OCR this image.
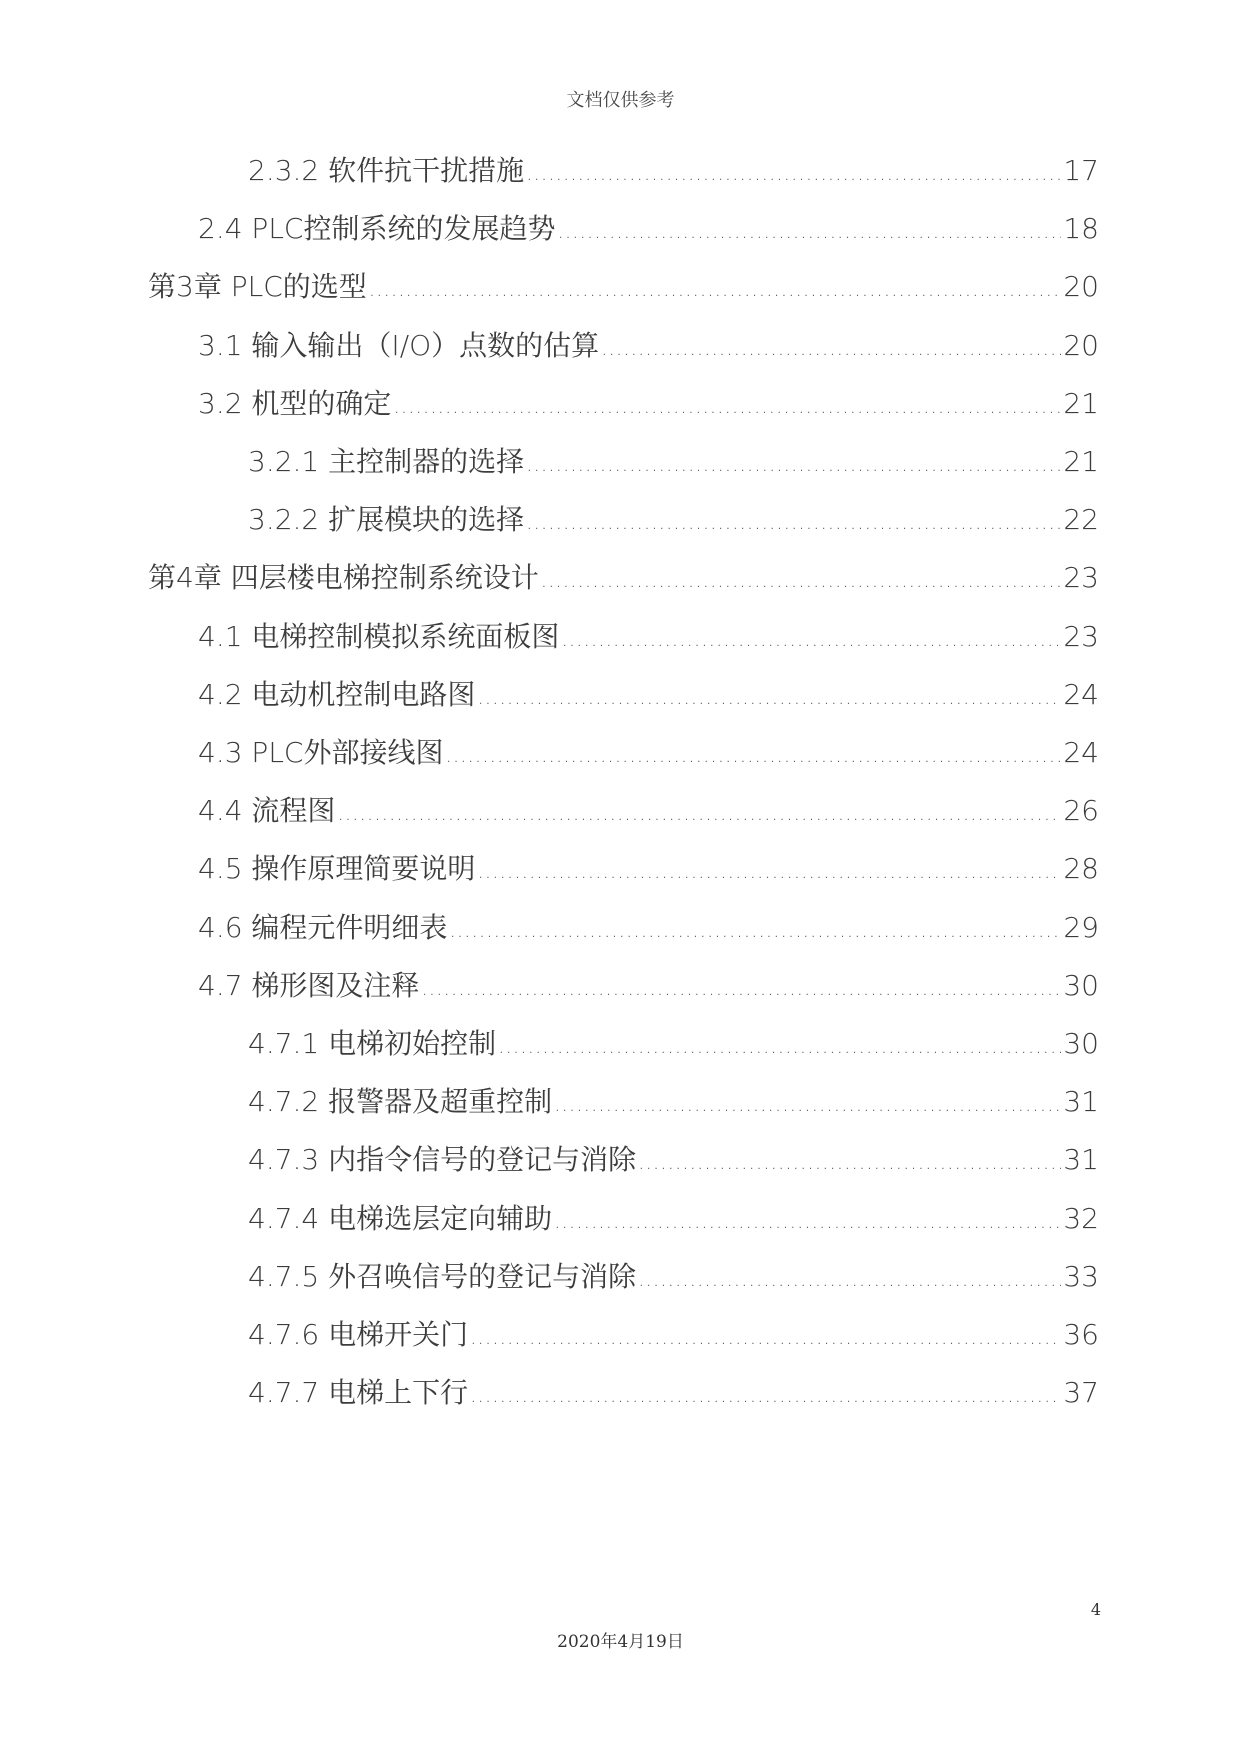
文档仅供参考
2.3.2 软件抗干扰措施 .....	17
2.4 PLC控制系统的发展趋势 .....	18
第3章 PLC的选型 .....	20
3.1 输入输出（I/O）点数的估算 .....	20
3.2 机型的确定 .....	21
3.2.1 主控制器的选择 .....	21
3.2.2 扩展模块的选择 .....	22
第4章 四层楼电梯控制系统设计 .....	23
4.1 电梯控制模拟系统面板图 .....	23
4.2 电动机控制电路图 .....	24
4.3 PLC外部接线图 .....	24
4.4 流程图 .....	26
4.5 操作原理简要说明 .....	28
4.6 编程元件明细表 .....	29
4.7 梯形图及注释 .....	30
4.7.1 电梯初始控制 .....	30
4.7.2 报警器及超重控制 .....	31
4.7.3 内指令信号的登记与消除 .....	31
4.7.4 电梯选层定向辅助 .....	32
4.7.5 外召唤信号的登记与消除 .....	33
4.7.6 电梯开关门 .....	36
4.7.7 电梯上下行 .....	37
4
2020年4月19日
